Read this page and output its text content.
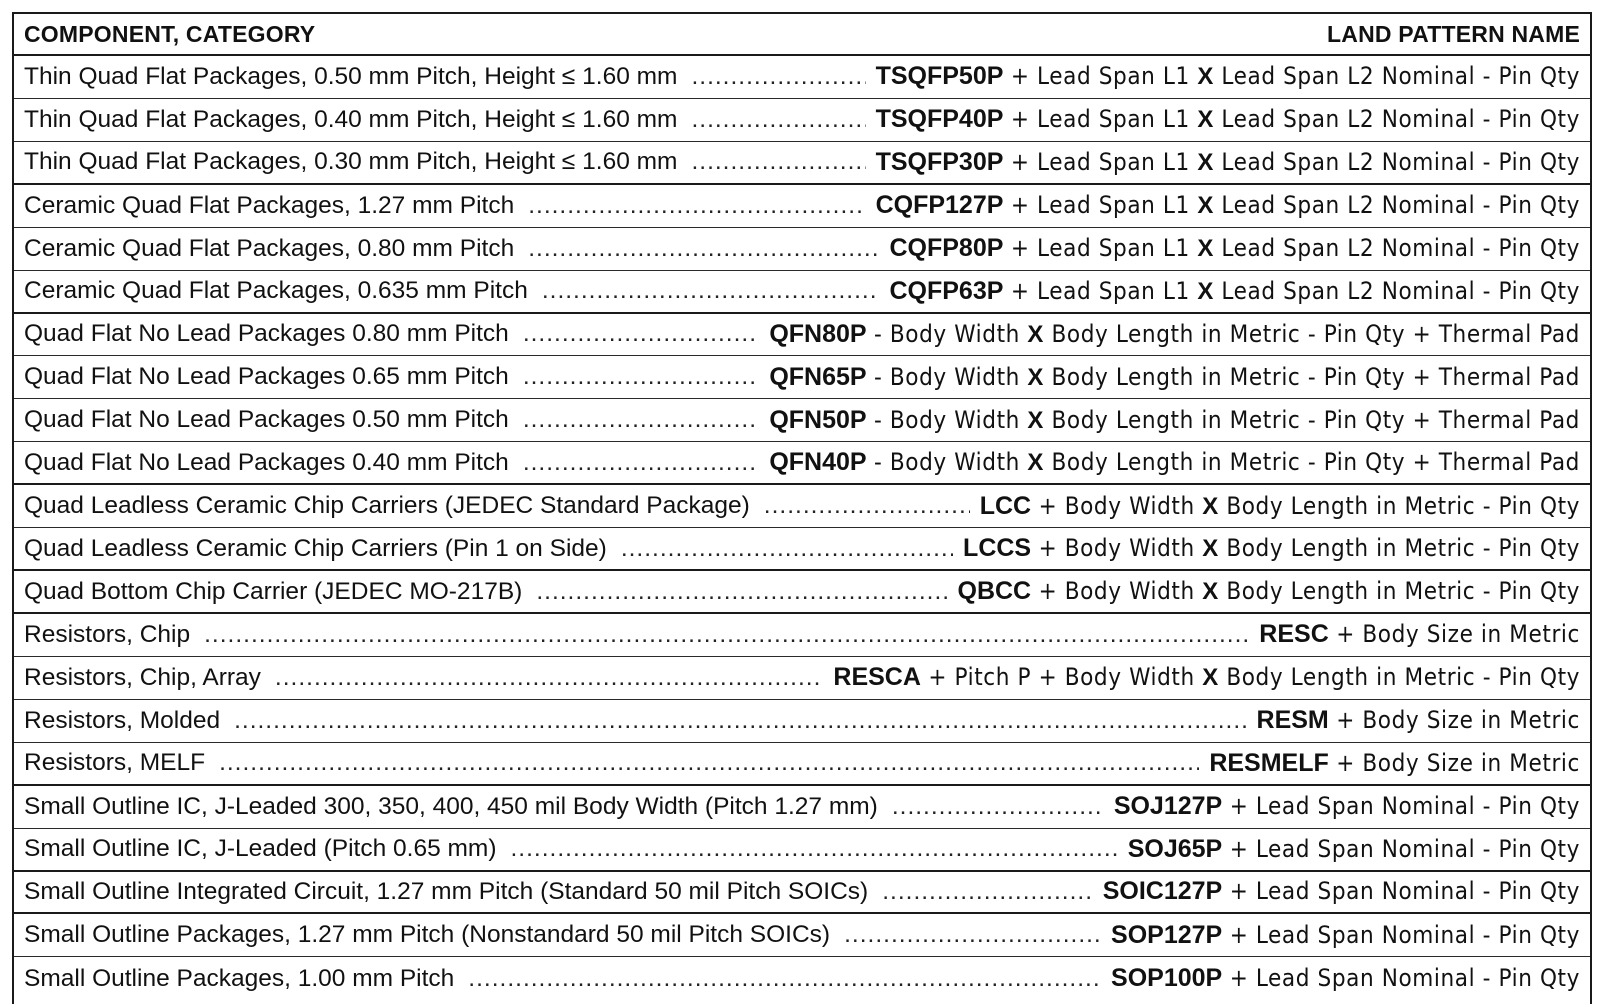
COMPONENT, CATEGORY	LAND PATTERN NAME
Thin Quad Flat Packages, 0.50 mm Pitch, Height ≤ 1.60 mm .....	TSQFP50P + Lead Span L1 X Lead Span L2 Nominal - Pin Qty
Thin Quad Flat Packages, 0.40 mm Pitch, Height ≤ 1.60 mm .....	TSQFP40P + Lead Span L1 X Lead Span L2 Nominal - Pin Qty
Thin Quad Flat Packages, 0.30 mm Pitch, Height ≤ 1.60 mm .....	TSQFP30P + Lead Span L1 X Lead Span L2 Nominal - Pin Qty
Ceramic Quad Flat Packages, 1.27 mm Pitch .....	CQFP127P + Lead Span L1 X Lead Span L2 Nominal - Pin Qty
Ceramic Quad Flat Packages, 0.80 mm Pitch .....	CQFP80P + Lead Span L1 X Lead Span L2 Nominal - Pin Qty
Ceramic Quad Flat Packages, 0.635 mm Pitch .....	CQFP63P + Lead Span L1 X Lead Span L2 Nominal - Pin Qty
Quad Flat No Lead Packages 0.80 mm Pitch .....	QFN80P - Body Width X Body Length in Metric - Pin Qty + Thermal Pad
Quad Flat No Lead Packages 0.65 mm Pitch .....	QFN65P - Body Width X Body Length in Metric - Pin Qty + Thermal Pad
Quad Flat No Lead Packages 0.50 mm Pitch .....	QFN50P - Body Width X Body Length in Metric - Pin Qty + Thermal Pad
Quad Flat No Lead Packages 0.40 mm Pitch .....	QFN40P - Body Width X Body Length in Metric - Pin Qty + Thermal Pad
Quad Leadless Ceramic Chip Carriers (JEDEC Standard Package) .....	LCC + Body Width X Body Length in Metric - Pin Qty
Quad Leadless Ceramic Chip Carriers (Pin 1 on Side) .....	LCCS + Body Width X Body Length in Metric - Pin Qty
Quad Bottom Chip Carrier (JEDEC MO-217B) .....	QBCC + Body Width X Body Length in Metric - Pin Qty
Resistors, Chip .....	RESC + Body Size in Metric
Resistors, Chip, Array .....	RESCA + Pitch P + Body Width X Body Length in Metric - Pin Qty
Resistors, Molded .....	RESM + Body Size in Metric
Resistors, MELF .....	RESMELF + Body Size in Metric
Small Outline IC, J-Leaded 300, 350, 400, 450 mil Body Width (Pitch 1.27 mm) .....	SOJ127P + Lead Span Nominal - Pin Qty
Small Outline IC, J-Leaded (Pitch 0.65 mm) .....	SOJ65P + Lead Span Nominal - Pin Qty
Small Outline Integrated Circuit, 1.27 mm Pitch (Standard 50 mil Pitch SOICs) .....	SOIC127P + Lead Span Nominal - Pin Qty
Small Outline Packages, 1.27 mm Pitch (Nonstandard 50 mil Pitch SOICs) .....	SOP127P + Lead Span Nominal - Pin Qty
Small Outline Packages, 1.00 mm Pitch .....	SOP100P + Lead Span Nominal - Pin Qty
